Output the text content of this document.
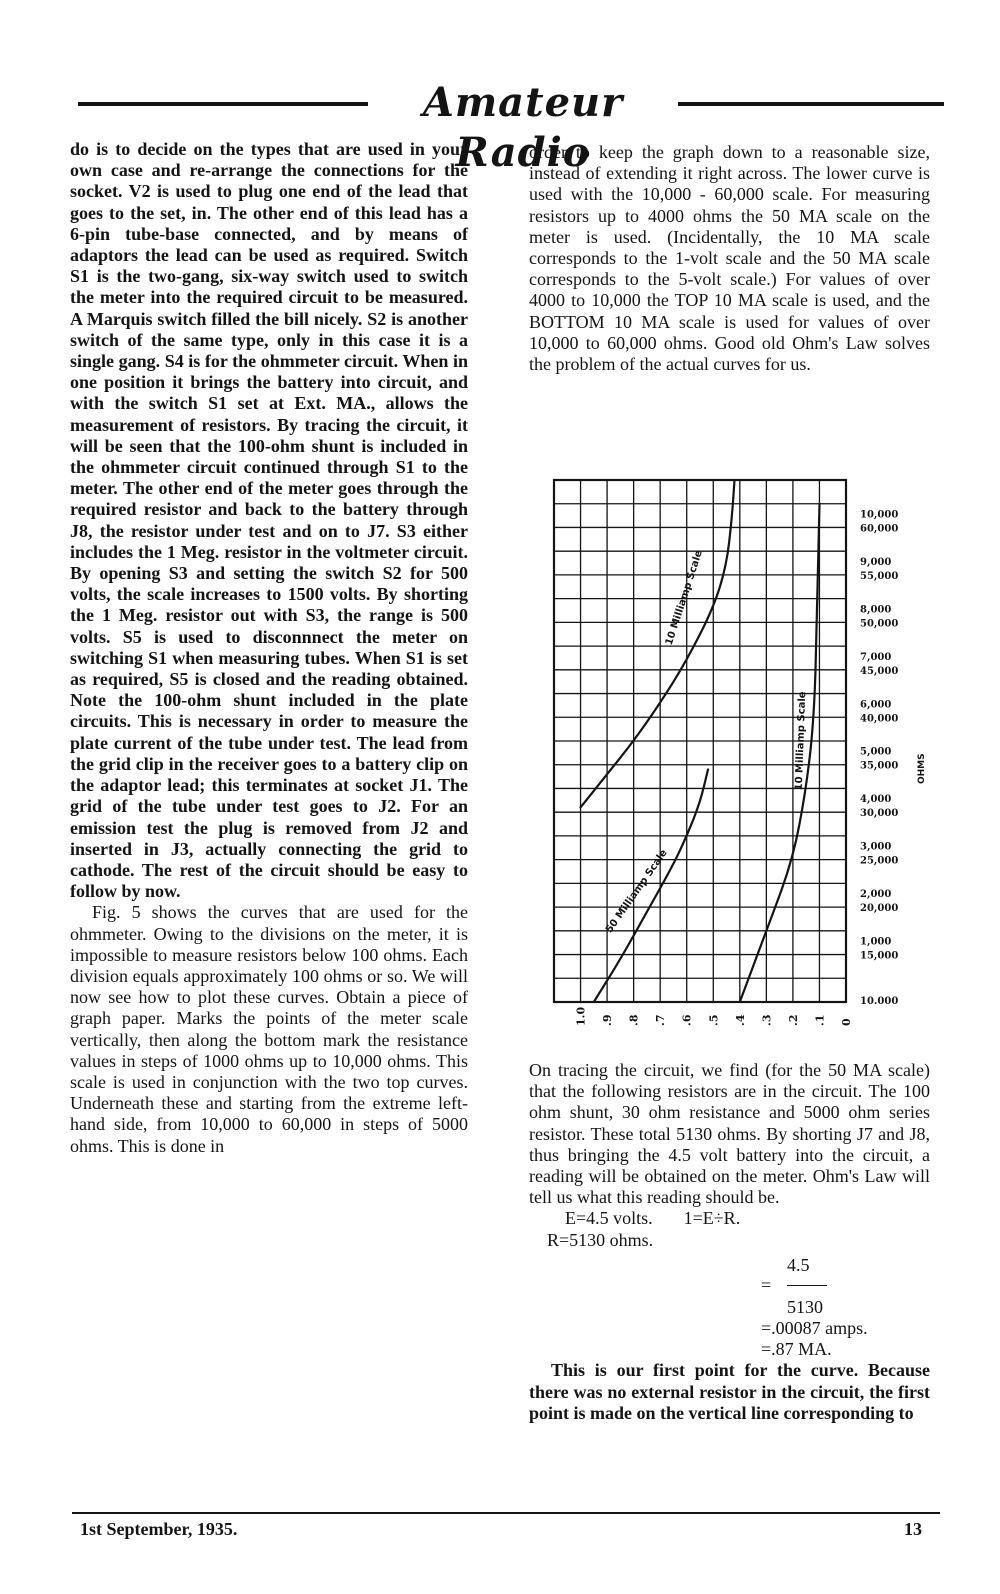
Amateur Radio

do is to decide on the types that are used in your own case and re-arrange the connections for the socket. V2 is used to plug one end of the lead that goes to the set, in. The other end of this lead has a 6-pin tube-base connected, and by means of adaptors the lead can be used as required. Switch S1 is the two-gang, six-way switch used to switch the meter into the required circuit to be measured. A Marquis switch filled the bill nicely. S2 is another switch of the same type, only in this case it is a single gang. S4 is for the ohmmeter circuit. When in one position it brings the battery into circuit, and with the switch S1 set at Ext. MA., allows the measurement of resistors. By tracing the circuit, it will be seen that the 100-ohm shunt is included in the ohmmeter circuit continued through S1 to the meter. The other end of the meter goes through the required resistor and back to the battery through J8, the resistor under test and on to J7. S3 either includes the 1 Meg. resistor in the voltmeter circuit. By opening S3 and setting the switch S2 for 500 volts, the scale increases to 1500 volts. By shorting the 1 Meg. resistor out with S3, the range is 500 volts. S5 is used to disconnnect the meter on switching S1 when measuring tubes. When S1 is set as required, S5 is closed and the reading obtained. Note the 100-ohm shunt included in the plate circuits. This is necessary in order to measure the plate current of the tube under test. The lead from the grid clip in the receiver goes to a battery clip on the adaptor lead; this terminates at socket J1. The grid of the tube under test goes to J2. For an emission test the plug is removed from J2 and inserted in J3, actually connecting the grid to cathode. The rest of the circuit should be easy to follow by now.

Fig. 5 shows the curves that are used for the ohmmeter. Owing to the divisions on the meter, it is impossible to measure resistors below 100 ohms. Each division equals approximately 100 ohms or so. We will now see how to plot these curves. Obtain a piece of graph paper. Marks the points of the meter scale vertically, then along the bottom mark the resistance values in steps of 1000 ohms up to 10,000 ohms. This scale is used in conjunction with the two top curves. Underneath these and starting from the extreme left-hand side, from 10,000 to 60,000 in steps of 5000 ohms. This is done in

order to keep the graph down to a reasonable size, instead of extending it right across. The lower curve is used with the 10,000 - 60,000 scale. For measuring resistors up to 4000 ohms the 50 MA scale on the meter is used. (Incidentally, the 10 MA scale corresponds to the 1-volt scale and the 50 MA scale corresponds to the 5-volt scale.) For values of over 4000 to 10,000 the TOP 10 MA scale is used, and the BOTTOM 10 MA scale is used for values of over 10,000 to 60,000 ohms. Good old Ohm's Law solves the problem of the actual curves for us.

1.0 .9 .8 .7 .6 .5 .4 .3 .2 .1 0
10.000
1,000
15,000
2,000
20,000
3,000
25,000
4,000
30,000
5,000
35,000
6,000
40,000
7,000
45,000
8,000
50,000
9,000
55,000
10,000
60,000
OHMS
10 Milliamp Scale
10 Milliamp Scale
50 Milliamp Scale

On tracing the circuit, we find (for the 50 MA scale) that the following resistors are in the circuit. The 100 ohm shunt, 30 ohm resistance and 5000 ohm series resistor. These total 5130 ohms. By shorting J7 and J8, thus bringing the 4.5 volt battery into the circuit, a reading will be obtained on the meter. Ohm's Law will tell us what this reading should be.

E=4.5 volts. 1=E÷R.
R=5130 ohms.
4.5
=
5130
=.00087 amps.
=.87 MA.

This is our first point for the curve. Because there was no external resistor in the circuit, the first point is made on the vertical line corresponding to

1st September, 1935.	13
